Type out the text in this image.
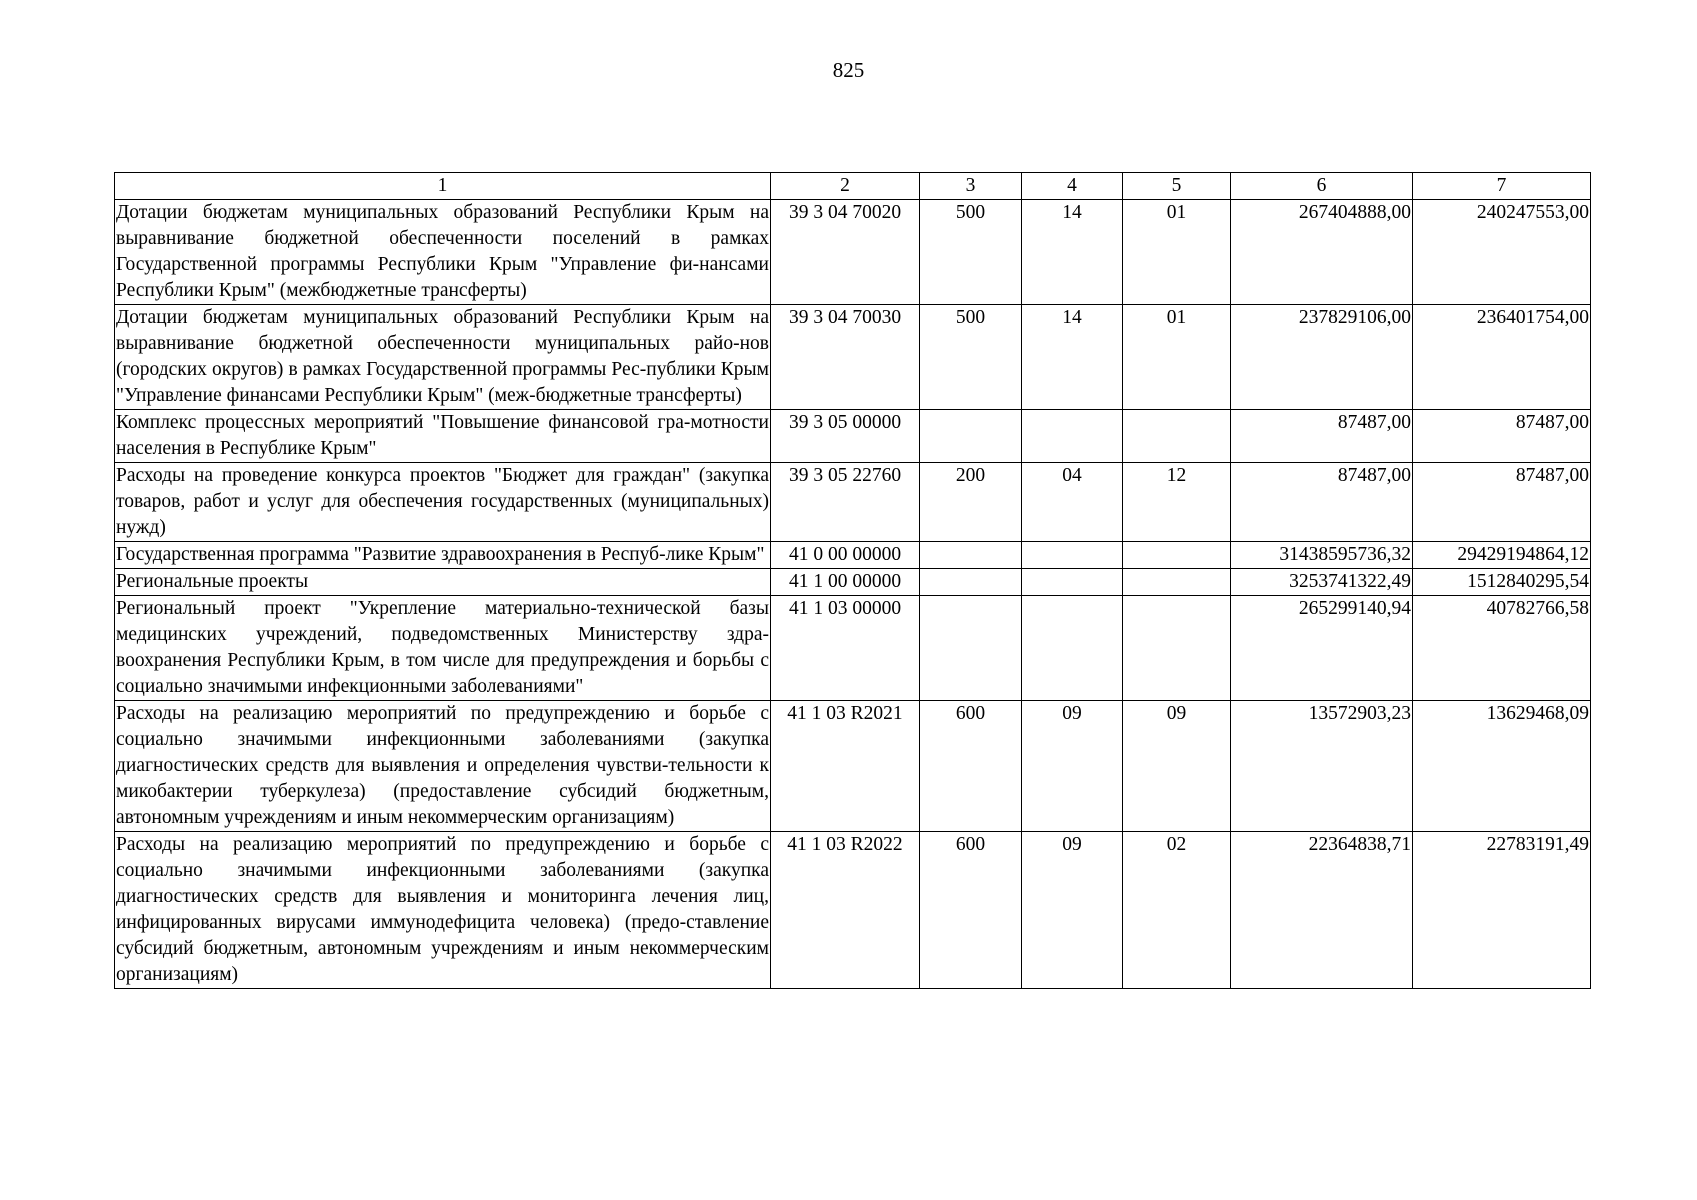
825
1	2	3	4	5	6	7
Дотации бюджетам муниципальных образований Республики Крым на выравнивание бюджетной обеспеченности поселений в рамках Государственной программы Республики Крым "Управление фи-нансами Республики Крым" (межбюджетные трансферты)	39 3 04 70020	500	14	01	267404888,00	240247553,00
Дотации бюджетам муниципальных образований Республики Крым на выравнивание бюджетной обеспеченности муниципальных райо-нов (городских округов) в рамках Государственной программы Рес-публики Крым "Управление финансами Республики Крым" (меж-бюджетные трансферты)	39 3 04 70030	500	14	01	237829106,00	236401754,00
Комплекс процессных мероприятий "Повышение финансовой гра-мотности населения в Республике Крым"	39 3 05 00000				87487,00	87487,00
Расходы на проведение конкурса проектов "Бюджет для граждан" (закупка товаров, работ и услуг для обеспечения государственных (муниципальных) нужд)	39 3 05 22760	200	04	12	87487,00	87487,00
Государственная программа "Развитие здравоохранения в Респуб-лике Крым"	41 0 00 00000				31438595736,32	29429194864,12
Региональные проекты	41 1 00 00000				3253741322,49	1512840295,54
Региональный проект "Укрепление материально-технической базы медицинских учреждений, подведомственных Министерству здра-воохранения Республики Крым, в том числе для предупреждения и борьбы с социально значимыми инфекционными заболеваниями"	41 1 03 00000				265299140,94	40782766,58
Расходы на реализацию мероприятий по предупреждению и борьбе с социально значимыми инфекционными заболеваниями (закупка диагностических средств для выявления и определения чувстви-тельности к микобактерии туберкулеза) (предоставление субсидий бюджетным, автономным учреждениям и иным некоммерческим организациям)	41 1 03 R2021	600	09	09	13572903,23	13629468,09
Расходы на реализацию мероприятий по предупреждению и борьбе с социально значимыми инфекционными заболеваниями (закупка диагностических средств для выявления и мониторинга лечения лиц, инфицированных вирусами иммунодефицита человека) (предо-ставление субсидий бюджетным, автономным учреждениям и иным некоммерческим организациям)	41 1 03 R2022	600	09	02	22364838,71	22783191,49
